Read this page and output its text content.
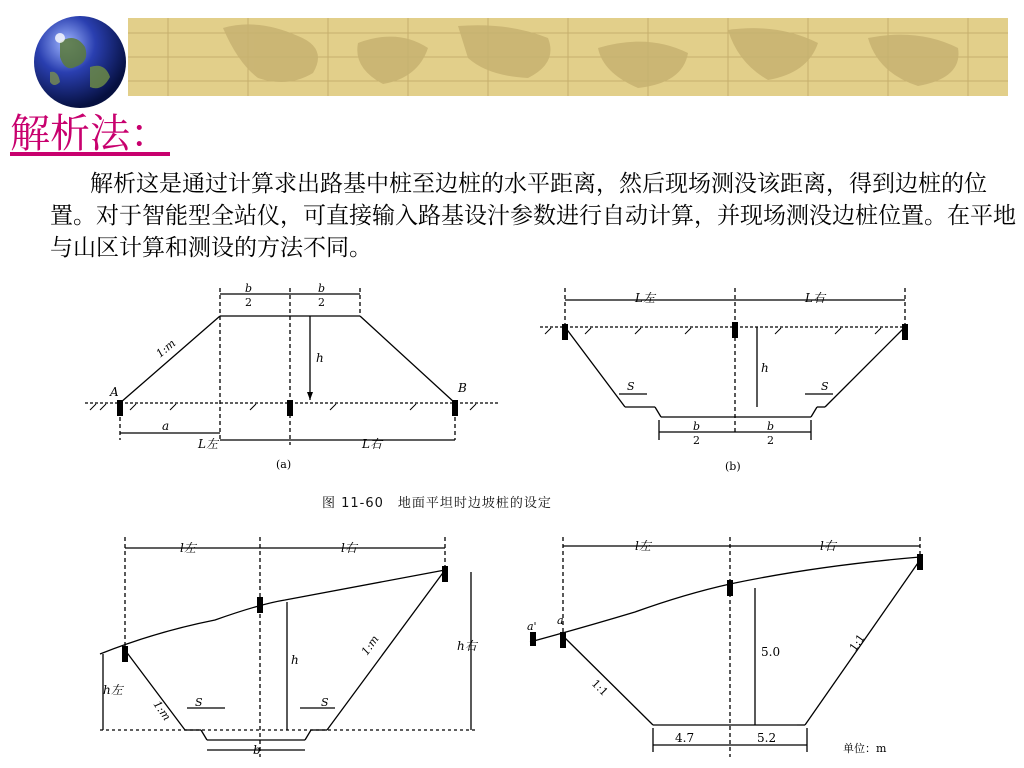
解析法：

解析这是通过计算求出路基中桩至边桩的水平距离，然后现场测没该距离，得到边桩的位置。对于智能型全站仪，可直接输入路基设汁参数进行自动计算，并现场测没边桩位置。在平地与山区计算和测设的方法不同。

b
2
b
2
1:m	h
A	B
a
L左	L右
(a)
L左	L右
h
S	S
b
2
b
2
(b)
图 11-60　地面平坦时边坡桩的设定
l左	l右
1:m
1:m
h
h右
h左
S	S
b
l左	l右
a' a
5.0
1:1
1:1
4.7	5.2
单位：m
